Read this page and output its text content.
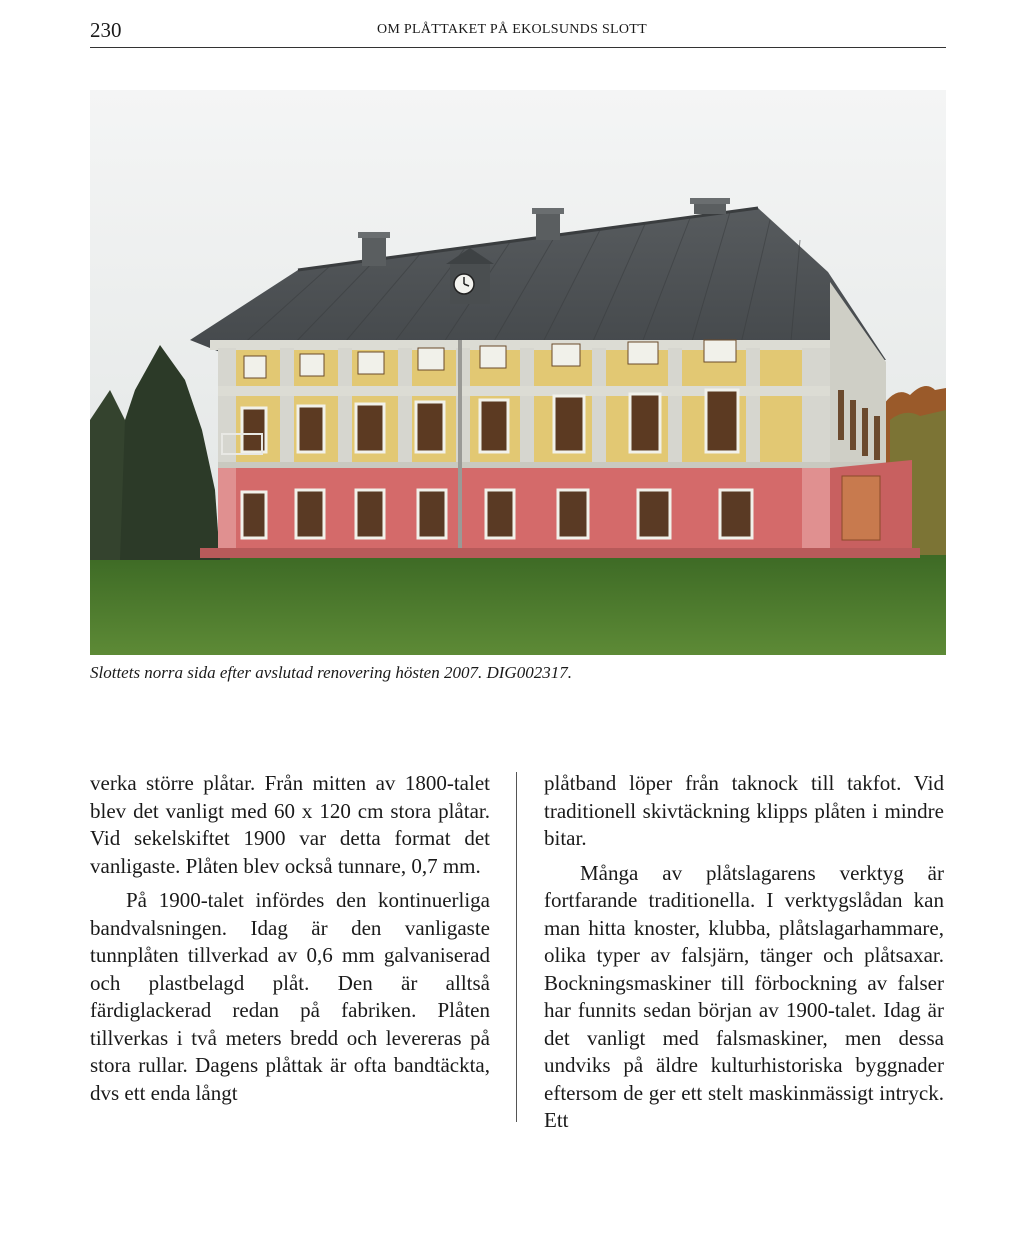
230	OM PLÅTTAKET PÅ EKOLSUNDS SLOTT
Slottets norra sida efter avslutad renovering hösten 2007. DIG002317.

verka större plåtar. Från mitten av 1800-talet blev det vanligt med 60 x 120 cm stora plåtar. Vid sekelskiftet 1900 var detta format det vanligaste. Plåten blev också tunnare, 0,7 mm.

På 1900-talet infördes den kontinuerliga bandvalsningen. Idag är den vanligaste tunnplåten tillverkad av 0,6 mm galvaniserad och plastbelagd plåt. Den är alltså färdiglackerad redan på fabriken. Plåten tillverkas i två meters bredd och levereras på stora rullar. Dagens plåttak är ofta bandtäckta, dvs ett enda långt

plåtband löper från taknock till takfot. Vid traditionell skivtäckning klipps plåten i mindre bitar.

Många av plåtslagarens verktyg är fortfarande traditionella. I verktygslådan kan man hitta knoster, klubba, plåtslagarhammare, olika typer av falsjärn, tänger och plåtsaxar. Bockningsmaskiner till förbockning av falser har funnits sedan början av 1900-talet. Idag är det vanligt med falsmaskiner, men dessa undviks på äldre kulturhistoriska byggnader eftersom de ger ett stelt maskinmässigt intryck. Ett
